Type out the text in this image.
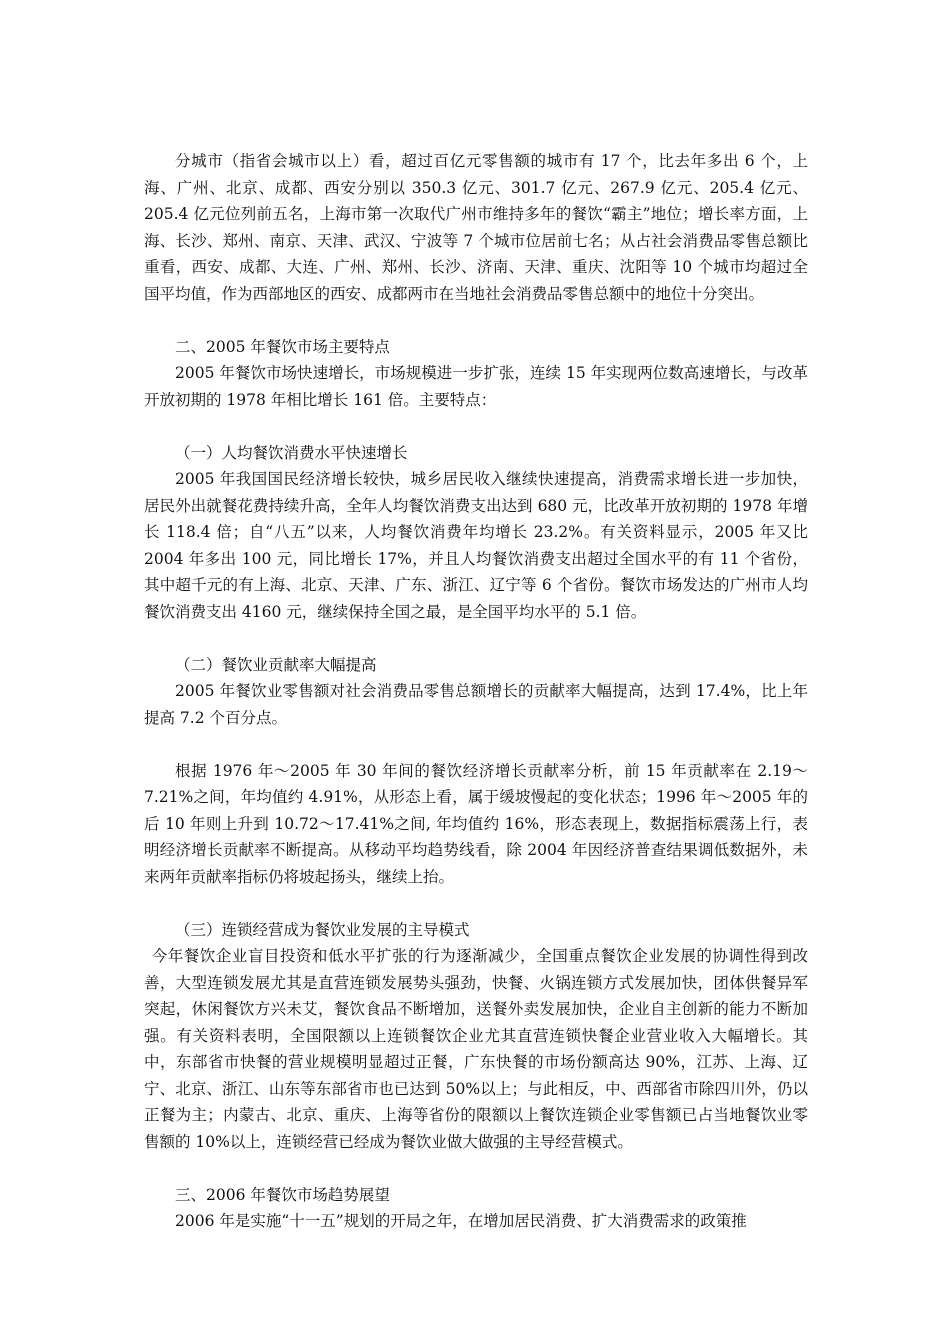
分城市（指省会城市以上）看，超过百亿元零售额的城市有 17 个，比去年多出 6 个，上海、广州、北京、成都、西安分别以 350.3 亿元、301.7 亿元、267.9 亿元、205.4 亿元、205.4 亿元位列前五名，上海市第一次取代广州市维持多年的餐饮“霸主”地位；增长率方面，上海、长沙、郑州、南京、天津、武汉、宁波等 7 个城市位居前七名；从占社会消费品零售总额比重看，西安、成都、大连、广州、郑州、长沙、济南、天津、重庆、沈阳等 10 个城市均超过全国平均值，作为西部地区的西安、成都两市在当地社会消费品零售总额中的地位十分突出。

二、2005 年餐饮市场主要特点

2005 年餐饮市场快速增长，市场规模进一步扩张，连续 15 年实现两位数高速增长，与改革开放初期的 1978 年相比增长 161 倍。主要特点：

（一）人均餐饮消费水平快速增长

2005 年我国国民经济增长较快，城乡居民收入继续快速提高，消费需求增长进一步加快，居民外出就餐花费持续升高，全年人均餐饮消费支出达到 680 元，比改革开放初期的 1978 年增长 118.4 倍；自“八五”以来，人均餐饮消费年均增长 23.2%。有关资料显示，2005 年又比 2004 年多出 100 元，同比增长 17%，并且人均餐饮消费支出超过全国水平的有 11 个省份，其中超千元的有上海、北京、天津、广东、浙江、辽宁等 6 个省份。餐饮市场发达的广州市人均餐饮消费支出 4160 元，继续保持全国之最，是全国平均水平的 5.1 倍。

（二）餐饮业贡献率大幅提高

2005 年餐饮业零售额对社会消费品零售总额增长的贡献率大幅提高，达到 17.4%，比上年提高 7.2 个百分点。

根据 1976 年～2005 年 30 年间的餐饮经济增长贡献率分析，前 15 年贡献率在 2.19～7.21%之间，年均值约 4.91%，从形态上看，属于缓坡慢起的变化状态；1996 年～2005 年的后 10 年则上升到 10.72～17.41%之间, 年均值约 16%，形态表现上，数据指标震荡上行，表明经济增长贡献率不断提高。从移动平均趋势线看，除 2004 年因经济普查结果调低数据外，未来两年贡献率指标仍将坡起扬头，继续上抬。

（三）连锁经营成为餐饮业发展的主导模式

今年餐饮企业盲目投资和低水平扩张的行为逐渐减少，全国重点餐饮企业发展的协调性得到改善，大型连锁发展尤其是直营连锁发展势头强劲，快餐、火锅连锁方式发展加快，团体供餐异军突起，休闲餐饮方兴未艾，餐饮食品不断增加，送餐外卖发展加快，企业自主创新的能力不断加强。有关资料表明，全国限额以上连锁餐饮企业尤其直营连锁快餐企业营业收入大幅增长。其中，东部省市快餐的营业规模明显超过正餐，广东快餐的市场份额高达 90%，江苏、上海、辽宁、北京、浙江、山东等东部省市也已达到 50%以上；与此相反，中、西部省市除四川外，仍以正餐为主；内蒙古、北京、重庆、上海等省份的限额以上餐饮连锁企业零售额已占当地餐饮业零售额的 10%以上，连锁经营已经成为餐饮业做大做强的主导经营模式。

三、2006 年餐饮市场趋势展望

2006 年是实施“十一五”规划的开局之年，在增加居民消费、扩大消费需求的政策推
